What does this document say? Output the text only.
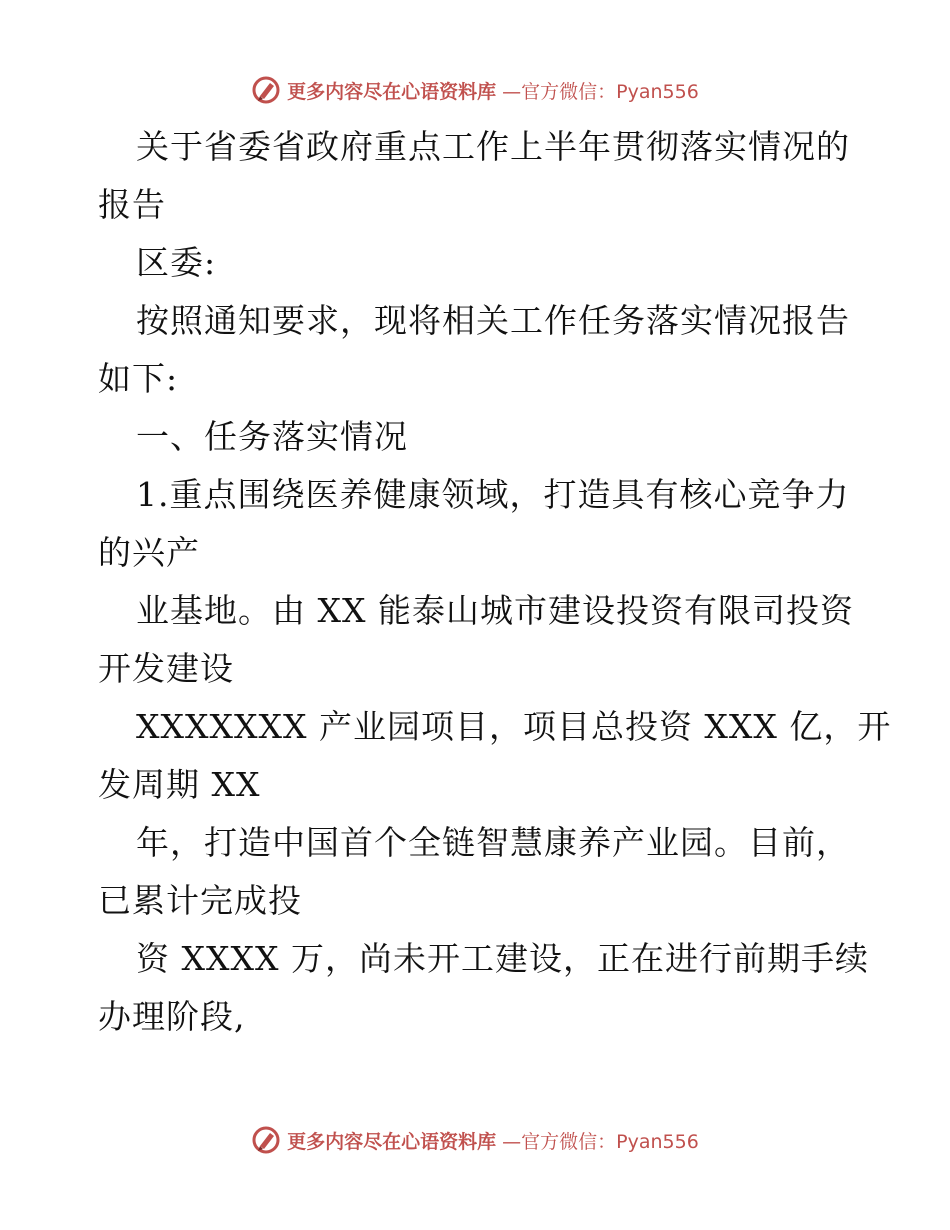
更多内容尽在心语资料库 —官方微信：Pyan556
关于省委省政府重点工作上半年贯彻落实情况的
报告
区委:
按照通知要求，现将相关工作任务落实情况报告
如下:
一、任务落实情况
1.重点围绕医养健康领域，打造具有核心竞争力
的兴产
业基地。由 XX 能泰山城市建设投资有限司投资
开发建设
XXXXXXX 产业园项目，项目总投资 XXX 亿，开
发周期 XX
年，打造中国首个全链智慧康养产业园。目前，
已累计完成投
资 XXXX 万，尚未开工建设，正在进行前期手续
办理阶段,
更多内容尽在心语资料库 —官方微信：Pyan556
